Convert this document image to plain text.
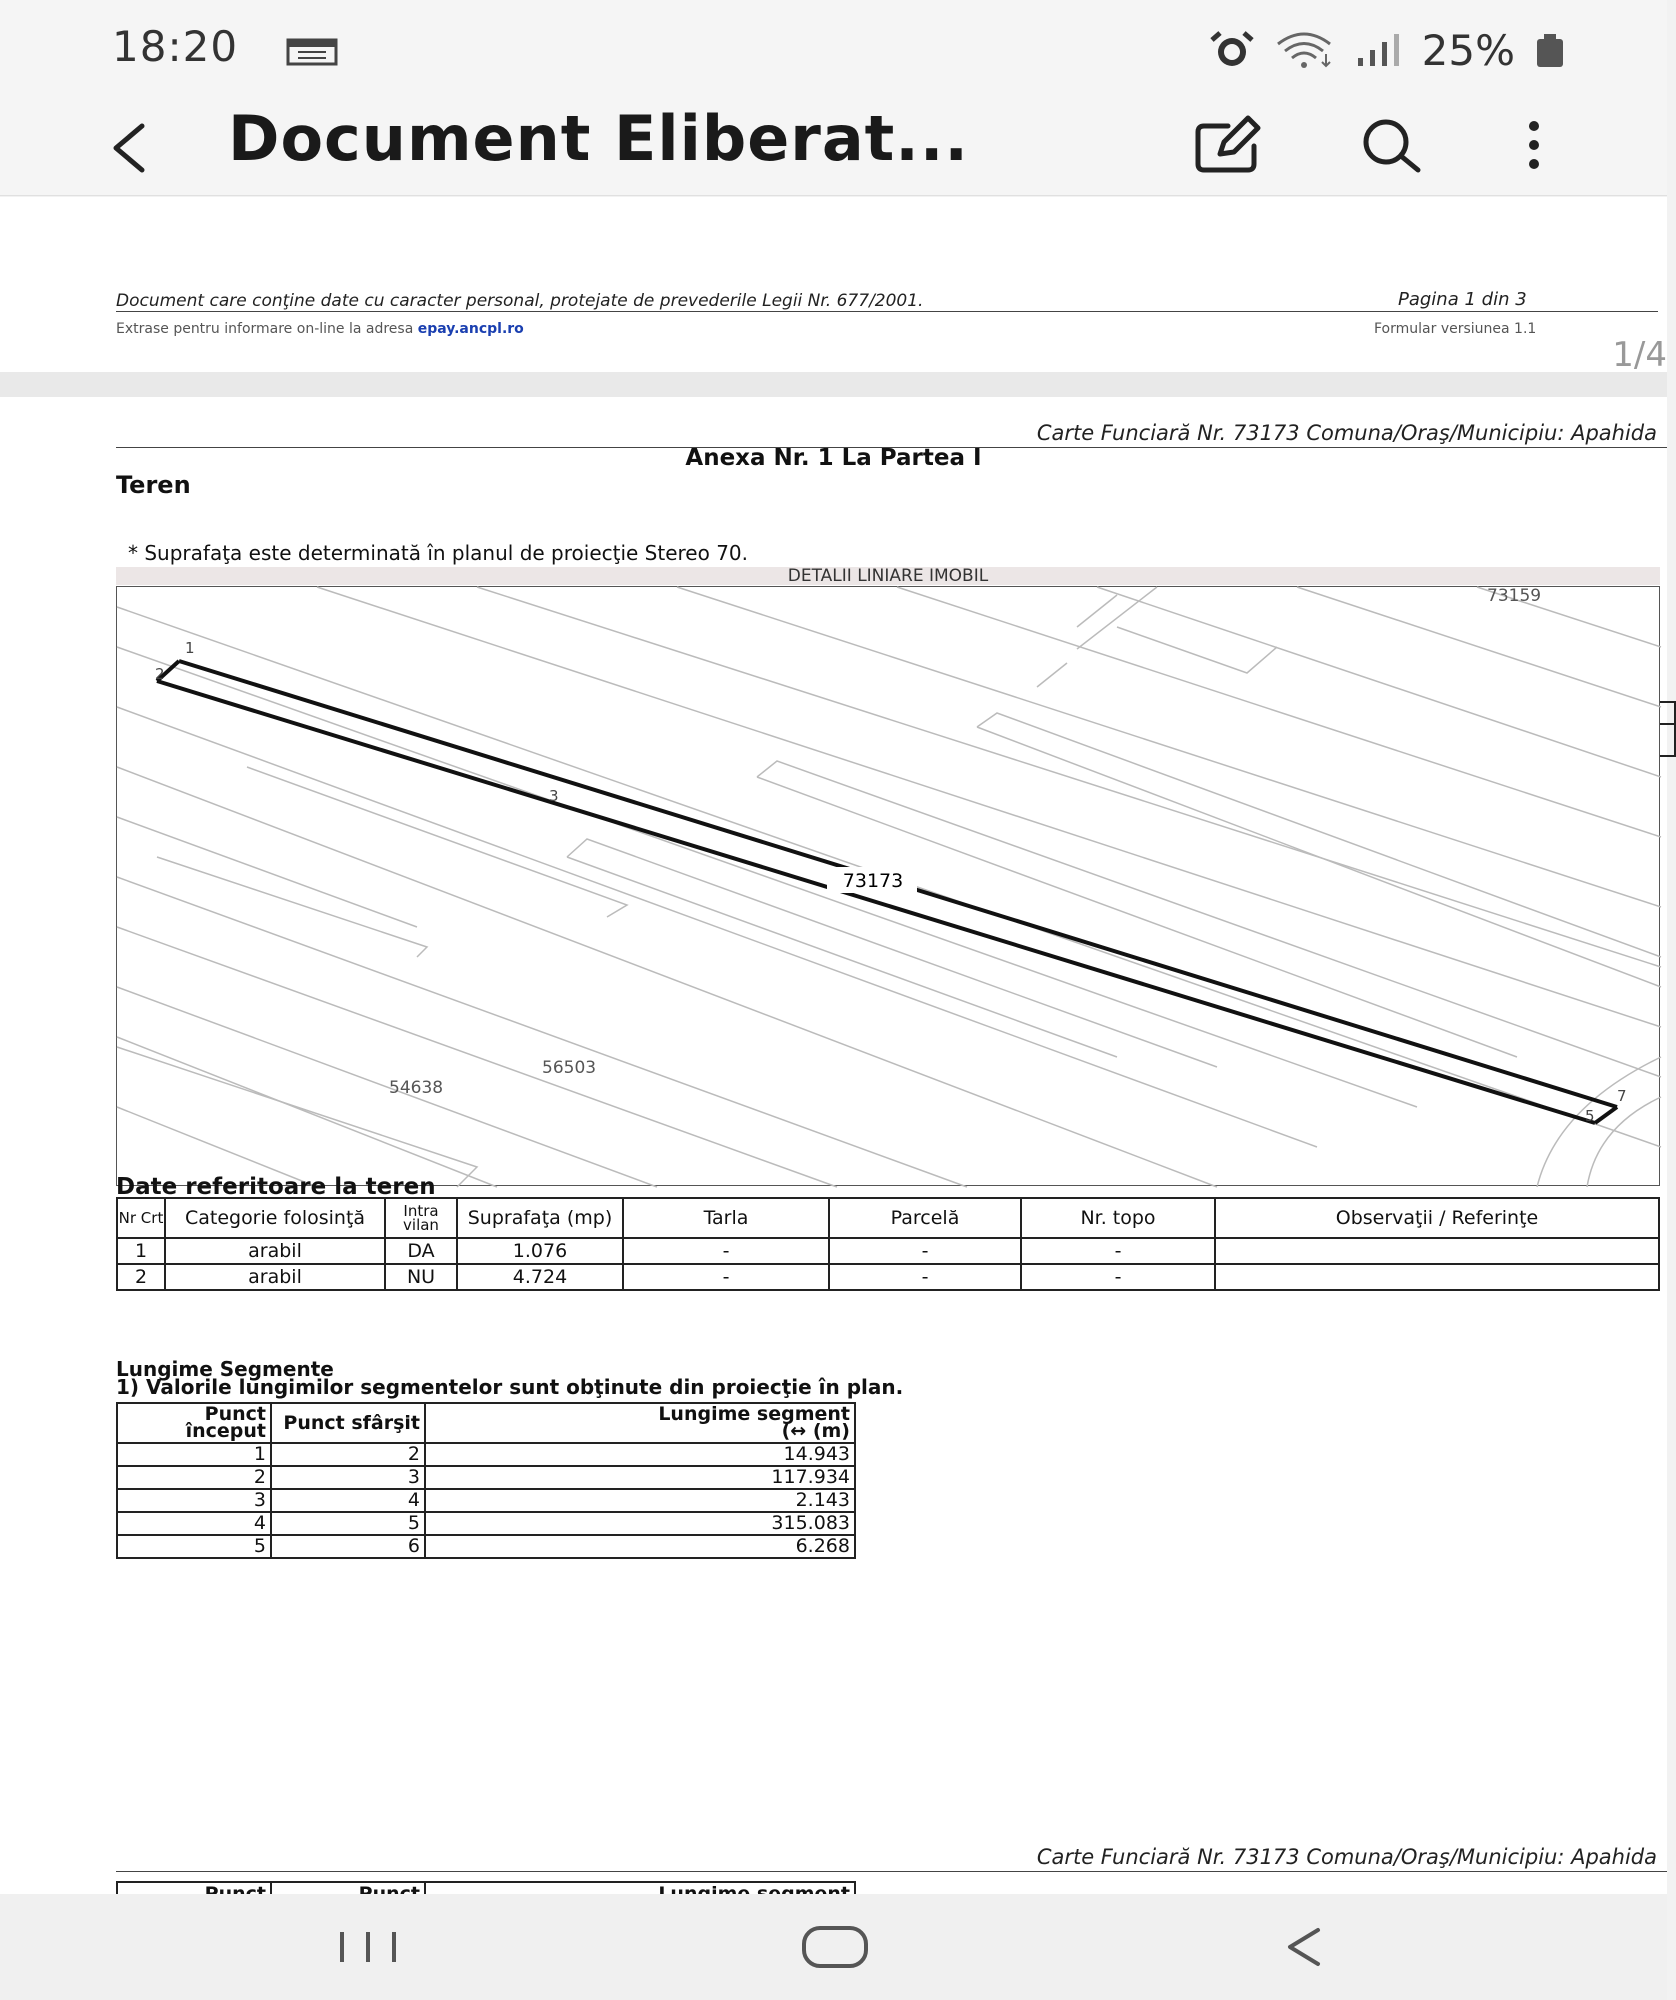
18:20	25%
Document Eliberat...
Document care conţine date cu caracter personal, protejate de prevederile Legii Nr. 677/2001.	Pagina 1 din 3
Extrase pentru informare on-line la adresa epay.ancpl.ro	Formular versiunea 1.1
1/4
Carte Funciară Nr. 73173 Comuna/Oraş/Municipiu: Apahida
Anexa Nr. 1 La Partea I
Teren

* Suprafaţa este determinată în planul de proiecţie Stereo 70.
DETALII LINIARE IMOBIL
73173
73159
56503
54638
1
2
3
5
7
Date referitoare la teren
Nr Crt	Categorie folosinţă	Intra vilan	Suprafaţa (mp)	Tarla	Parcelă	Nr. topo	Observaţii / Referinţe
1	arabil	DA	1.076	-	-	-	
2	arabil	NU	4.724	-	-	-	
Lungime Segmente
1) Valorile lungimilor segmentelor sunt obţinute din proiecţie în plan.
Punct început	Punct sfârşit	Lungime segment
(↔ (m)

1	2	14.943
2	3	117.934
3	4	2.143
4	5	315.083
5	6	6.268
Carte Funciară Nr. 73173 Comuna/Oraş/Municipiu: Apahida
